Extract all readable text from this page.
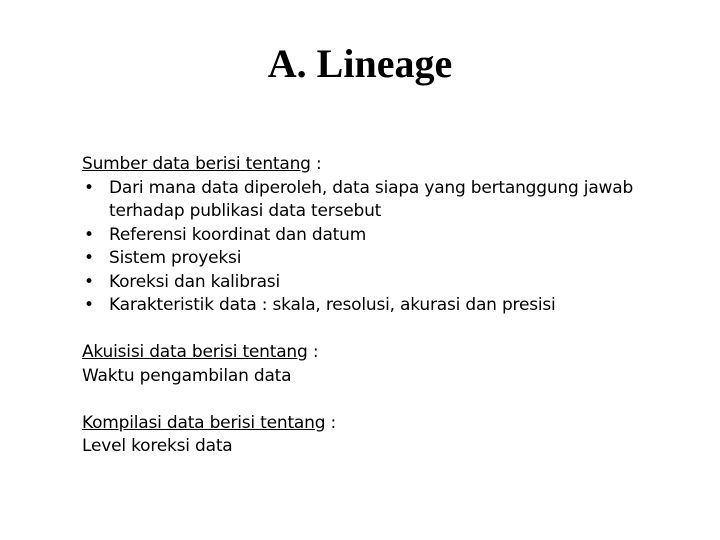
A. Lineage
Sumber data berisi tentang :
• Dari mana data diperoleh, data siapa yang bertanggung jawab terhadap publikasi data tersebut
• Referensi koordinat dan datum
• Sistem proyeksi
• Koreksi dan kalibrasi
• Karakteristik data : skala, resolusi, akurasi dan presisi
Akuisisi data berisi tentang :
Waktu pengambilan data
Kompilasi data berisi tentang :
Level koreksi data
